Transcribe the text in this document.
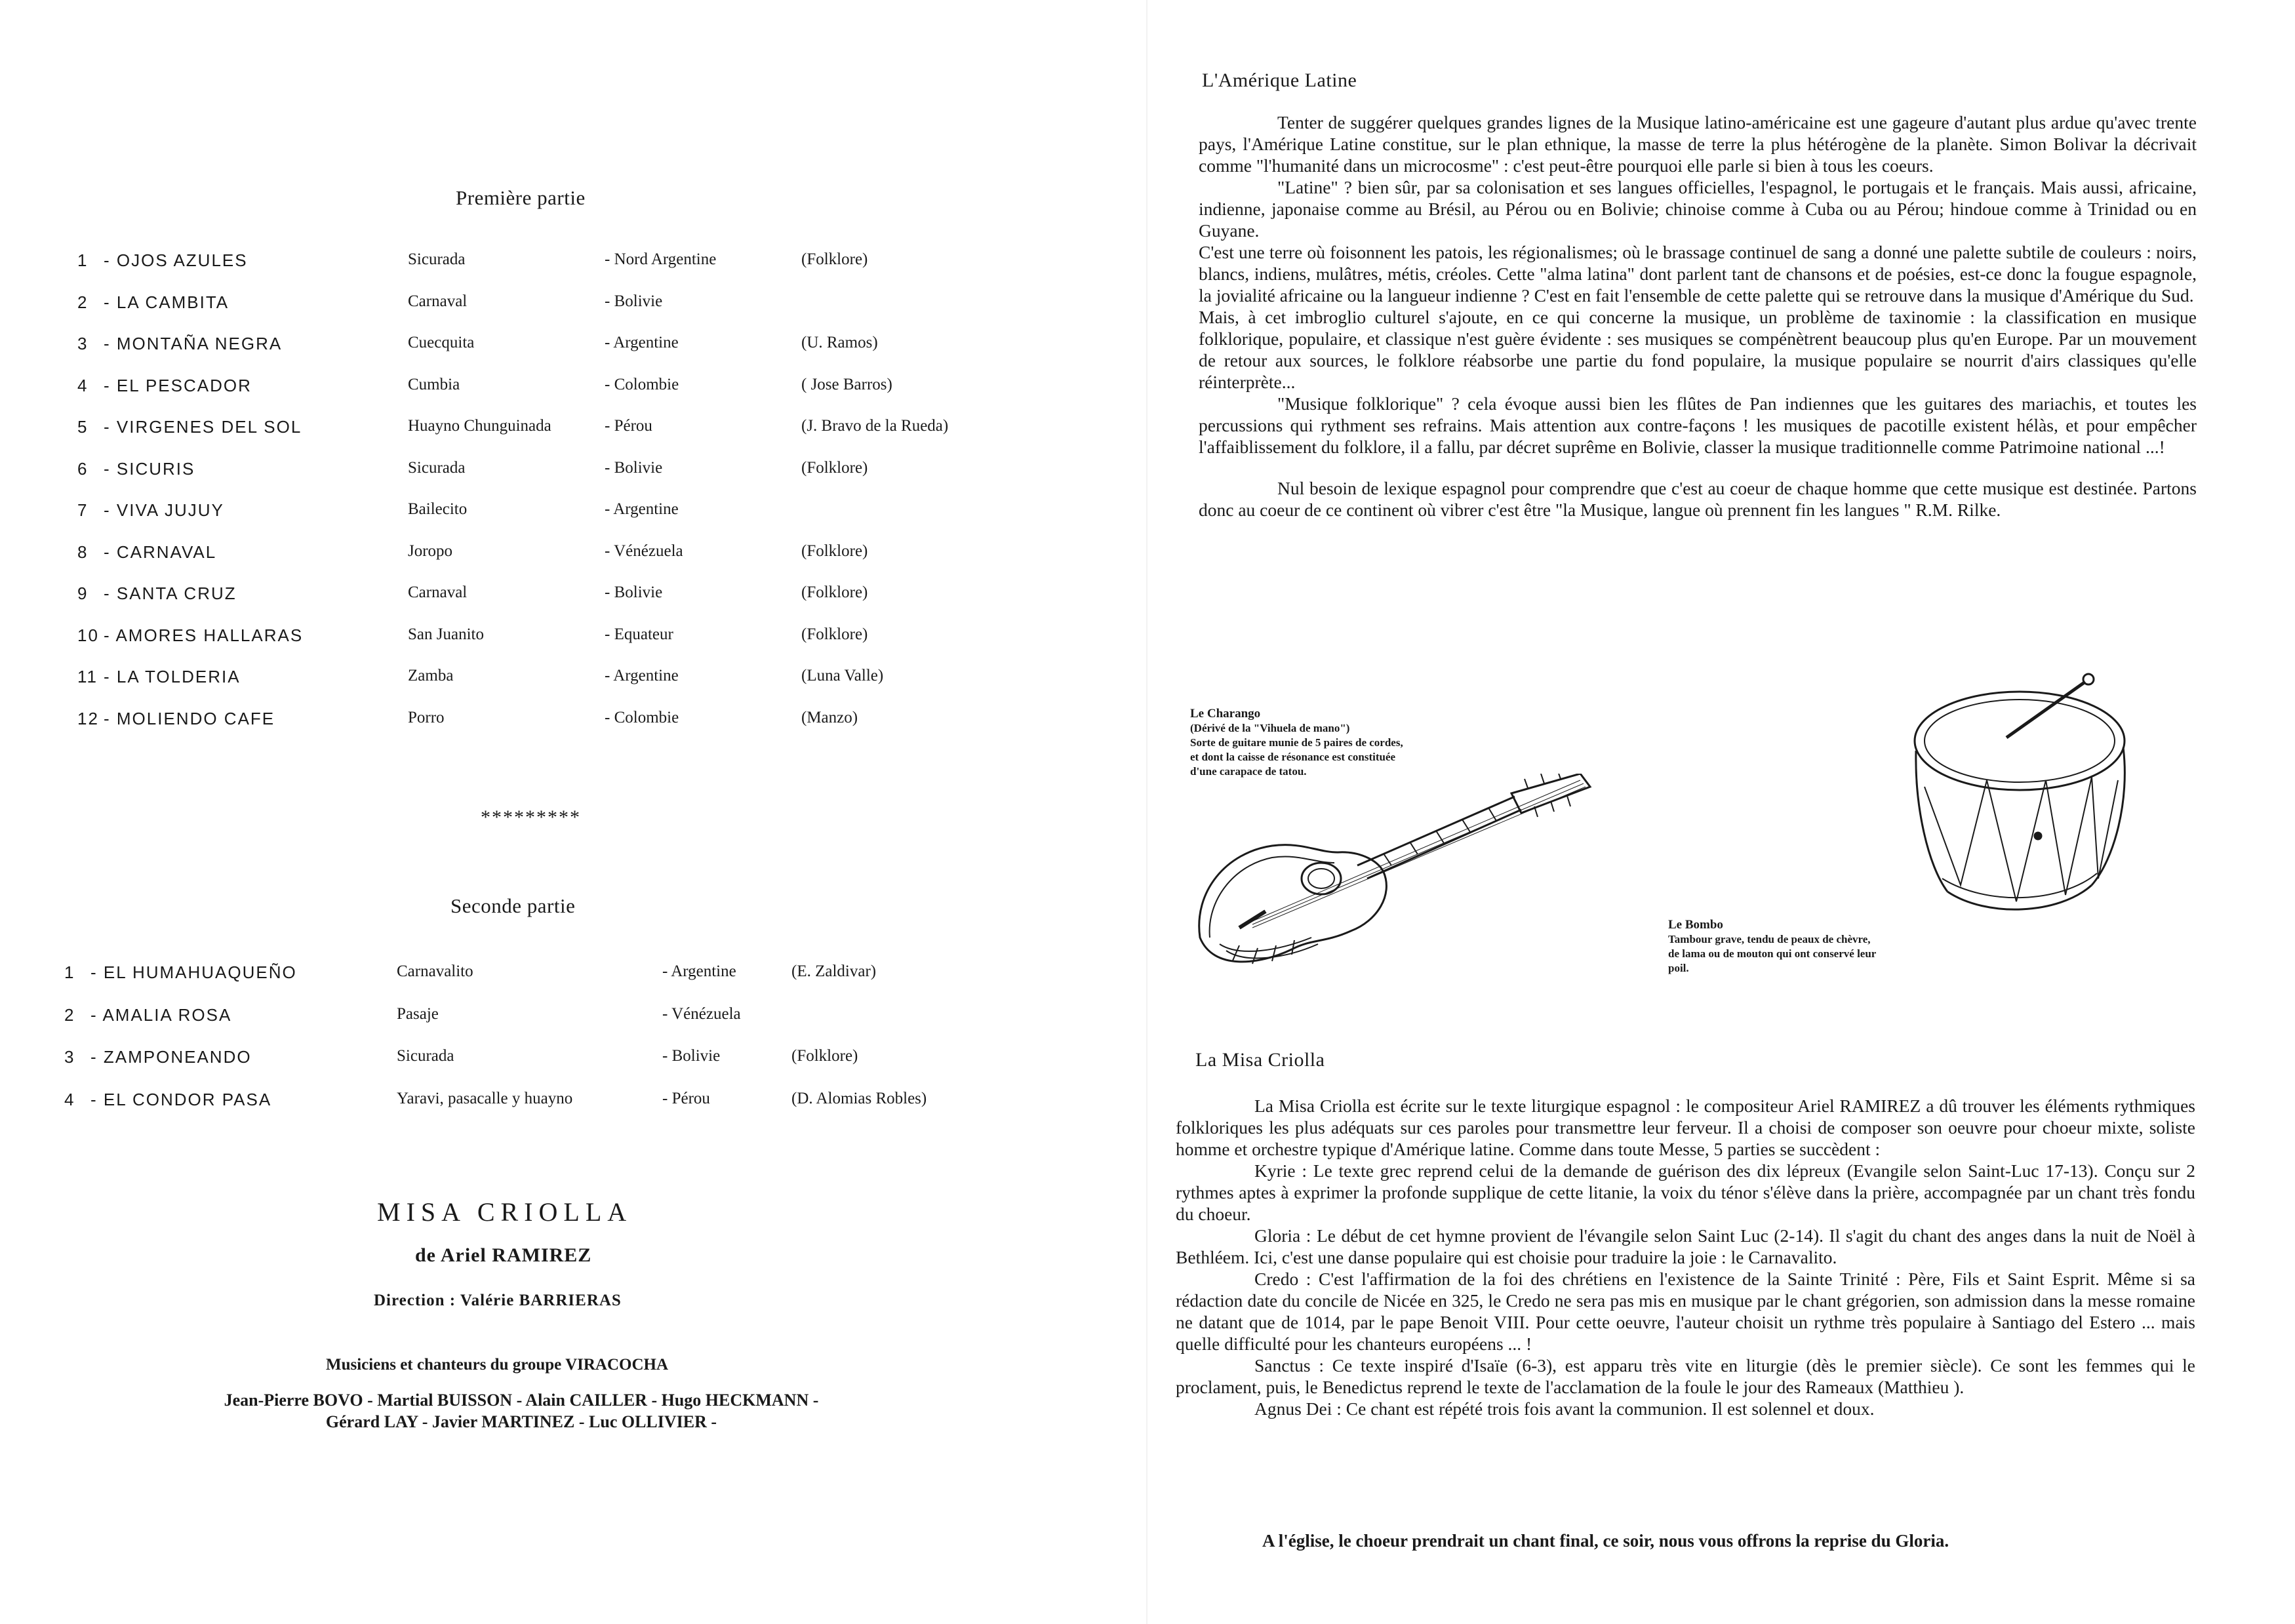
Première partie
1 - OJOS AZULES	Sicurada	- Nord Argentine	(Folklore)
2 - LA CAMBITA	Carnaval	- Bolivie
3 - MONTAÑA NEGRA	Cuecquita	- Argentine	(U. Ramos)
4 - EL PESCADOR	Cumbia	- Colombie	( Jose Barros)
5 - VIRGENES DEL SOL	Huayno Chunguinada	- Pérou	(J. Bravo de la Rueda)
6 - SICURIS	Sicurada	- Bolivie	(Folklore)
7 - VIVA JUJUY	Bailecito	- Argentine
8 - CARNAVAL	Joropo	- Vénézuela	(Folklore)
9 - SANTA CRUZ	Carnaval	- Bolivie	(Folklore)
10 - AMORES HALLARAS	San Juanito	- Equateur	(Folklore)
11 - LA TOLDERIA	Zamba	- Argentine	(Luna Valle)
12 - MOLIENDO CAFE	Porro	- Colombie	(Manzo)
*********
Seconde partie
1 - EL HUMAHUAQUEÑO	Carnavalito	- Argentine	(E. Zaldivar)
2 - AMALIA ROSA	Pasaje	- Vénézuela
3 - ZAMPONEANDO	Sicurada	- Bolivie	(Folklore)
4 - EL CONDOR PASA	Yaravi, pasacalle y huayno	- Pérou	(D. Alomias Robles)
MISA CRIOLLA
de Ariel RAMIREZ
Direction : Valérie BARRIERAS
Musiciens et chanteurs du groupe VIRACOCHA
Jean-Pierre BOVO - Martial BUISSON - Alain CAILLER - Hugo HECKMANN -
Gérard LAY - Javier MARTINEZ - Luc OLLIVIER -
L'Amérique Latine

Tenter de suggérer quelques grandes lignes de la Musique latino-américaine est une gageure d'autant plus ardue qu'avec trente pays, l'Amérique Latine constitue, sur le plan ethnique, la masse de terre la plus hétérogène de la planète. Simon Bolivar la décrivait comme "l'humanité dans un microcosme" : c'est peut-être pourquoi elle parle si bien à tous les coeurs.

"Latine" ? bien sûr, par sa colonisation et ses langues officielles, l'espagnol, le portugais et le français. Mais aussi, africaine, indienne, japonaise comme au Brésil, au Pérou ou en Bolivie; chinoise comme à Cuba ou au Pérou; hindoue comme à Trinidad ou en Guyane.

C'est une terre où foisonnent les patois, les régionalismes; où le brassage continuel de sang a donné une palette subtile de couleurs : noirs, blancs, indiens, mulâtres, métis, créoles. Cette "alma latina" dont parlent tant de chansons et de poésies, est-ce donc la fougue espagnole, la jovialité africaine ou la langueur indienne ? C'est en fait l'ensemble de cette palette qui se retrouve dans la musique d'Amérique du Sud.

Mais, à cet imbroglio culturel s'ajoute, en ce qui concerne la musique, un problème de taxinomie : la classification en musique folklorique, populaire, et classique n'est guère évidente : ses musiques se compénètrent beaucoup plus qu'en Europe. Par un mouvement de retour aux sources, le folklore réabsorbe une partie du fond populaire, la musique populaire se nourrit d'airs classiques qu'elle réinterprète...

"Musique folklorique" ? cela évoque aussi bien les flûtes de Pan indiennes que les guitares des mariachis, et toutes les percussions qui rythment ses refrains. Mais attention aux contre-façons ! les musiques de pacotille existent hélàs, et pour empêcher l'affaiblissement du folklore, il a fallu, par décret suprême en Bolivie, classer la musique traditionnelle comme Patrimoine national ...!

Nul besoin de lexique espagnol pour comprendre que c'est au coeur de chaque homme que cette musique est destinée. Partons donc au coeur de ce continent où vibrer c'est être "la Musique, langue où prennent fin les langues " R.M. Rilke.

Le Charango
(Dérivé de la "Vihuela de mano")
Sorte de guitare munie de 5 paires de cordes,
et dont la caisse de résonance est constituée
d'une carapace de tatou.
Le Bombo
Tambour grave, tendu de peaux de chèvre,
de lama ou de mouton qui ont conservé leur
poil.
La Misa Criolla

La Misa Criolla est écrite sur le texte liturgique espagnol : le compositeur Ariel RAMIREZ a dû trouver les éléments rythmiques folkloriques les plus adéquats sur ces paroles pour transmettre leur ferveur. Il a choisi de composer son oeuvre pour choeur mixte, soliste homme et orchestre typique d'Amérique latine. Comme dans toute Messe, 5 parties se succèdent :

Kyrie : Le texte grec reprend celui de la demande de guérison des dix lépreux (Evangile selon Saint-Luc 17-13). Conçu sur 2 rythmes aptes à exprimer la profonde supplique de cette litanie, la voix du ténor s'élève dans la prière, accompagnée par un chant très fondu du choeur.

Gloria : Le début de cet hymne provient de l'évangile selon Saint Luc (2-14). Il s'agit du chant des anges dans la nuit de Noël à Bethléem. Ici, c'est une danse populaire qui est choisie pour traduire la joie : le Carnavalito.

Credo : C'est l'affirmation de la foi des chrétiens en l'existence de la Sainte Trinité : Père, Fils et Saint Esprit. Même si sa rédaction date du concile de Nicée en 325, le Credo ne sera pas mis en musique par le chant grégorien, son admission dans la messe romaine ne datant que de 1014, par le pape Benoit VIII. Pour cette oeuvre, l'auteur choisit un rythme très populaire à Santiago del Estero ... mais quelle difficulté pour les chanteurs européens ... !

Sanctus : Ce texte inspiré d'Isaïe (6-3), est apparu très vite en liturgie (dès le premier siècle). Ce sont les femmes qui le proclament, puis, le Benedictus reprend le texte de l'acclamation de la foule le jour des Rameaux (Matthieu ).

Agnus Dei : Ce chant est répété trois fois avant la communion. Il est solennel et doux.

A l'église, le choeur prendrait un chant final, ce soir, nous vous offrons la reprise du Gloria.
